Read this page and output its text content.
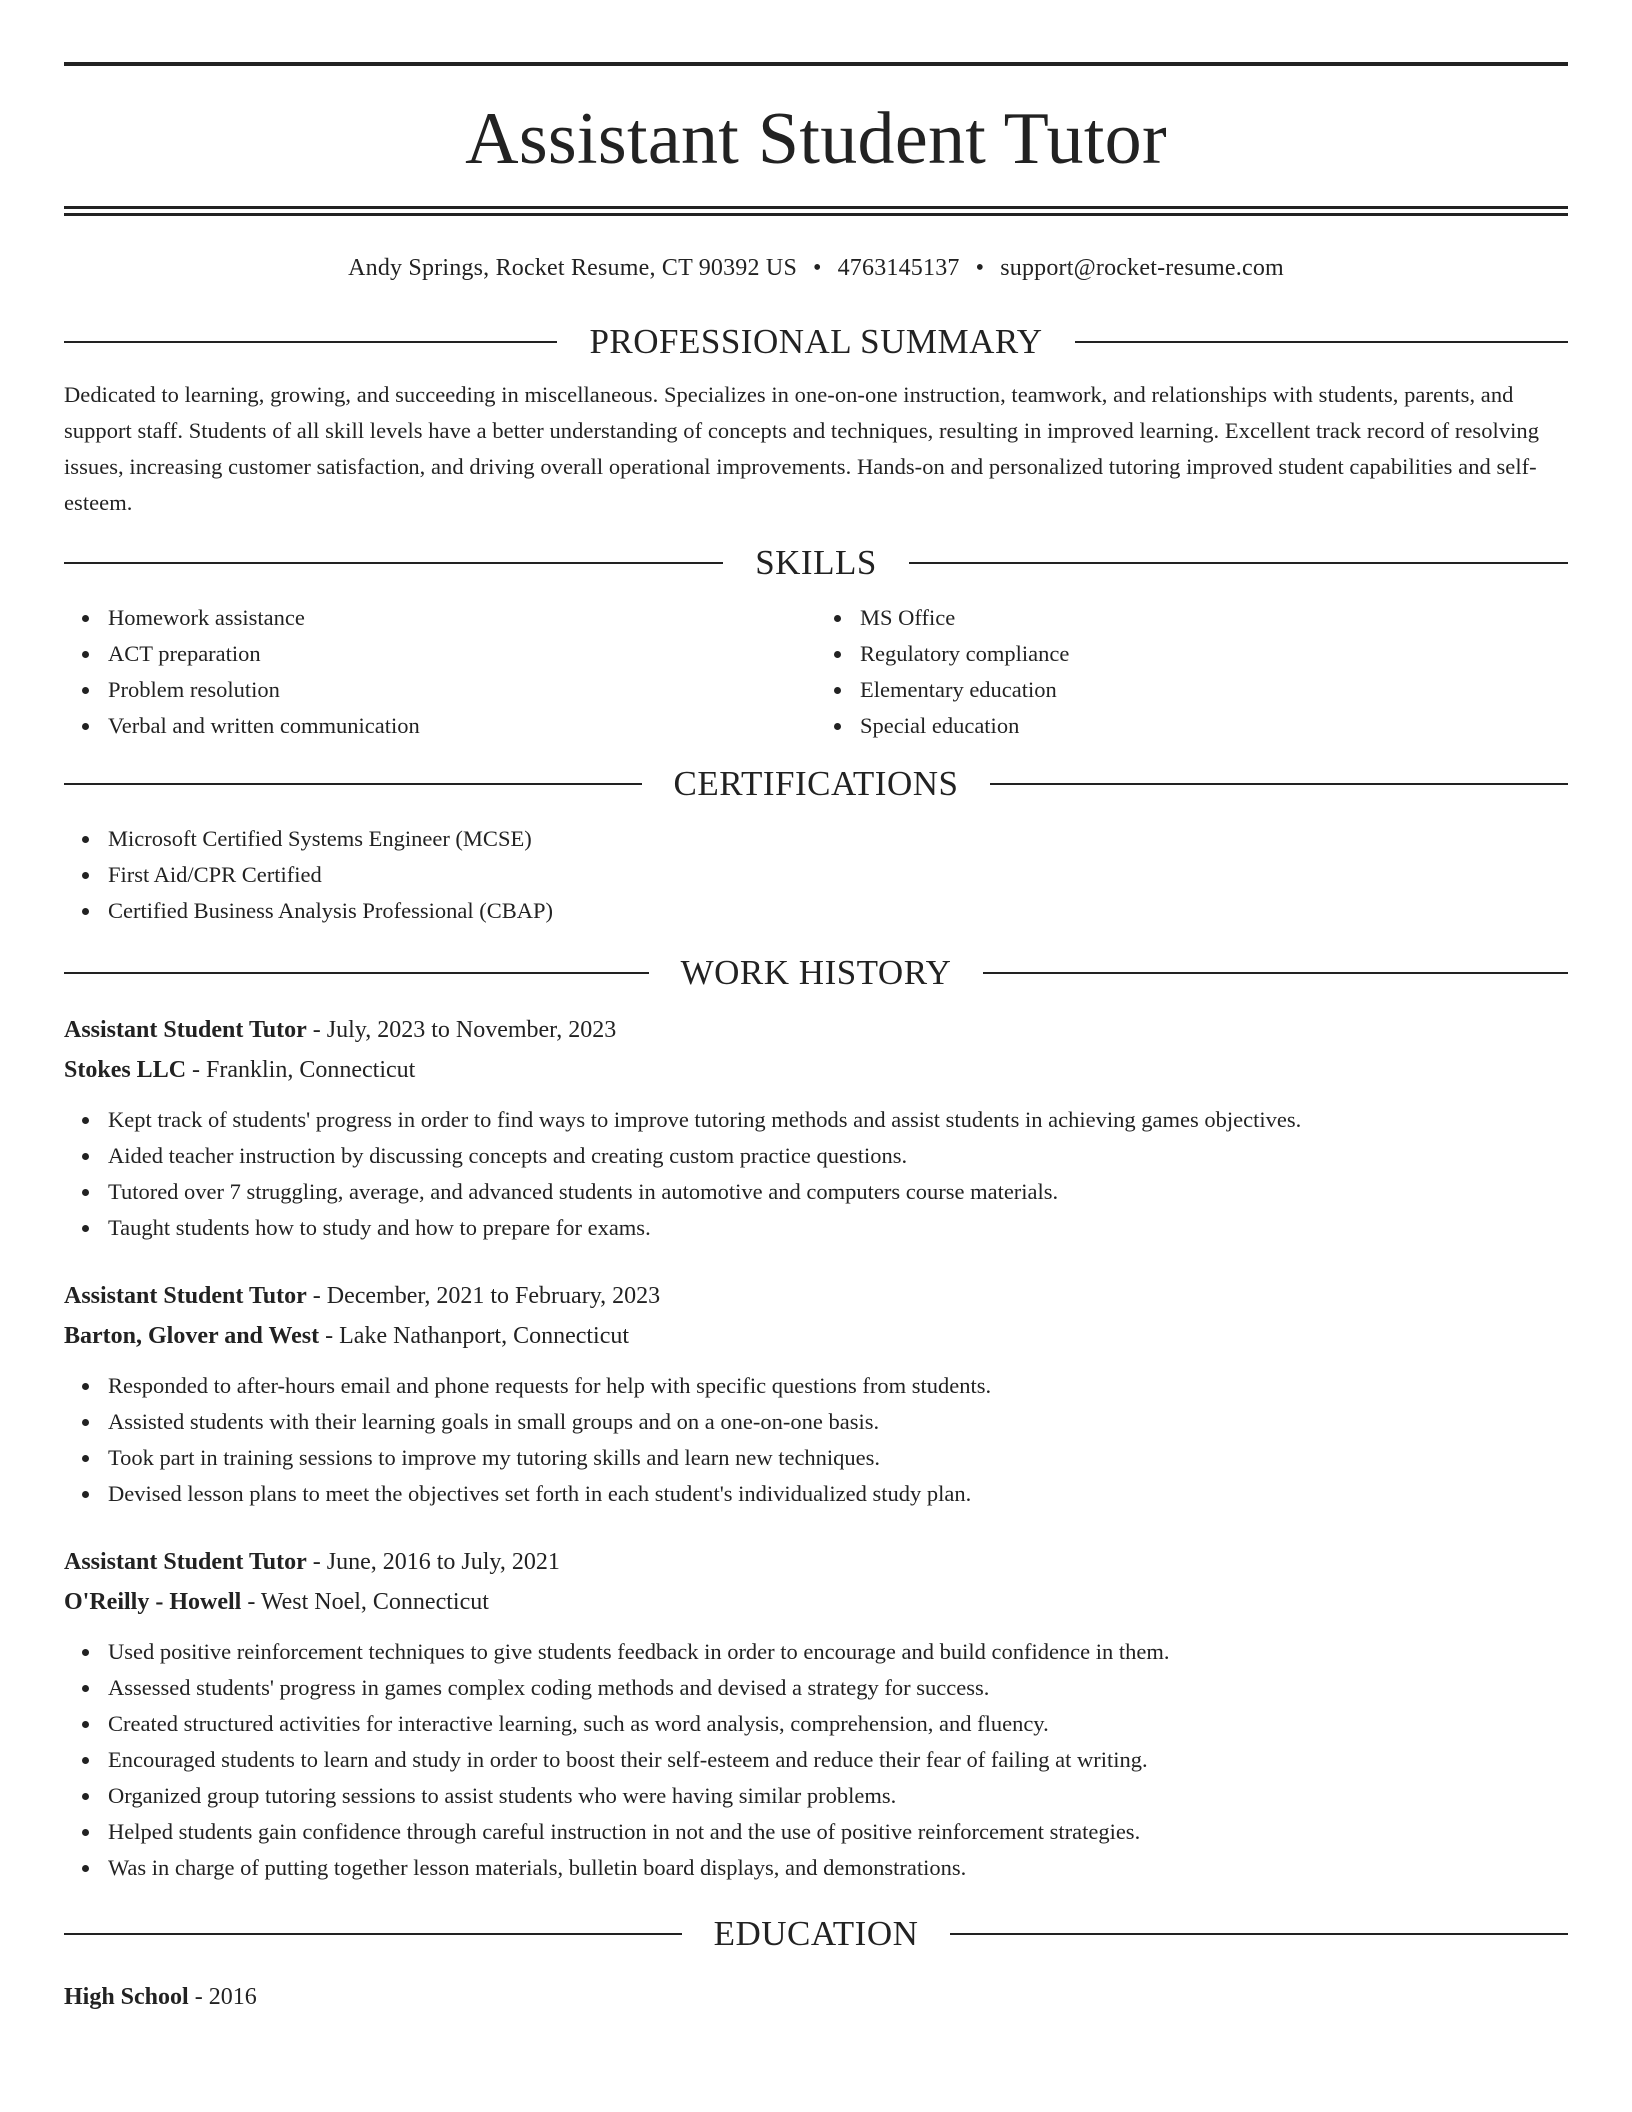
Assistant Student Tutor
Andy Springs, Rocket Resume, CT 90392 US • 4763145137 • support@rocket-resume.com
PROFESSIONAL SUMMARY
Dedicated to learning, growing, and succeeding in miscellaneous. Specializes in one-on-one instruction, teamwork, and relationships with students, parents, and support staff. Students of all skill levels have a better understanding of concepts and techniques, resulting in improved learning. Excellent track record of resolving issues, increasing customer satisfaction, and driving overall operational improvements. Hands-on and personalized tutoring improved student capabilities and self-esteem.
SKILLS
Homework assistance
ACT preparation
Problem resolution
Verbal and written communication
MS Office
Regulatory compliance
Elementary education
Special education
CERTIFICATIONS
Microsoft Certified Systems Engineer (MCSE)
First Aid/CPR Certified
Certified Business Analysis Professional (CBAP)
WORK HISTORY
Assistant Student Tutor - July, 2023 to November, 2023
Stokes LLC - Franklin, Connecticut
Kept track of students' progress in order to find ways to improve tutoring methods and assist students in achieving games objectives.
Aided teacher instruction by discussing concepts and creating custom practice questions.
Tutored over 7 struggling, average, and advanced students in automotive and computers course materials.
Taught students how to study and how to prepare for exams.
Assistant Student Tutor - December, 2021 to February, 2023
Barton, Glover and West - Lake Nathanport, Connecticut
Responded to after-hours email and phone requests for help with specific questions from students.
Assisted students with their learning goals in small groups and on a one-on-one basis.
Took part in training sessions to improve my tutoring skills and learn new techniques.
Devised lesson plans to meet the objectives set forth in each student's individualized study plan.
Assistant Student Tutor - June, 2016 to July, 2021
O'Reilly - Howell - West Noel, Connecticut
Used positive reinforcement techniques to give students feedback in order to encourage and build confidence in them.
Assessed students' progress in games complex coding methods and devised a strategy for success.
Created structured activities for interactive learning, such as word analysis, comprehension, and fluency.
Encouraged students to learn and study in order to boost their self-esteem and reduce their fear of failing at writing.
Organized group tutoring sessions to assist students who were having similar problems.
Helped students gain confidence through careful instruction in not and the use of positive reinforcement strategies.
Was in charge of putting together lesson materials, bulletin board displays, and demonstrations.
EDUCATION
High School - 2016
